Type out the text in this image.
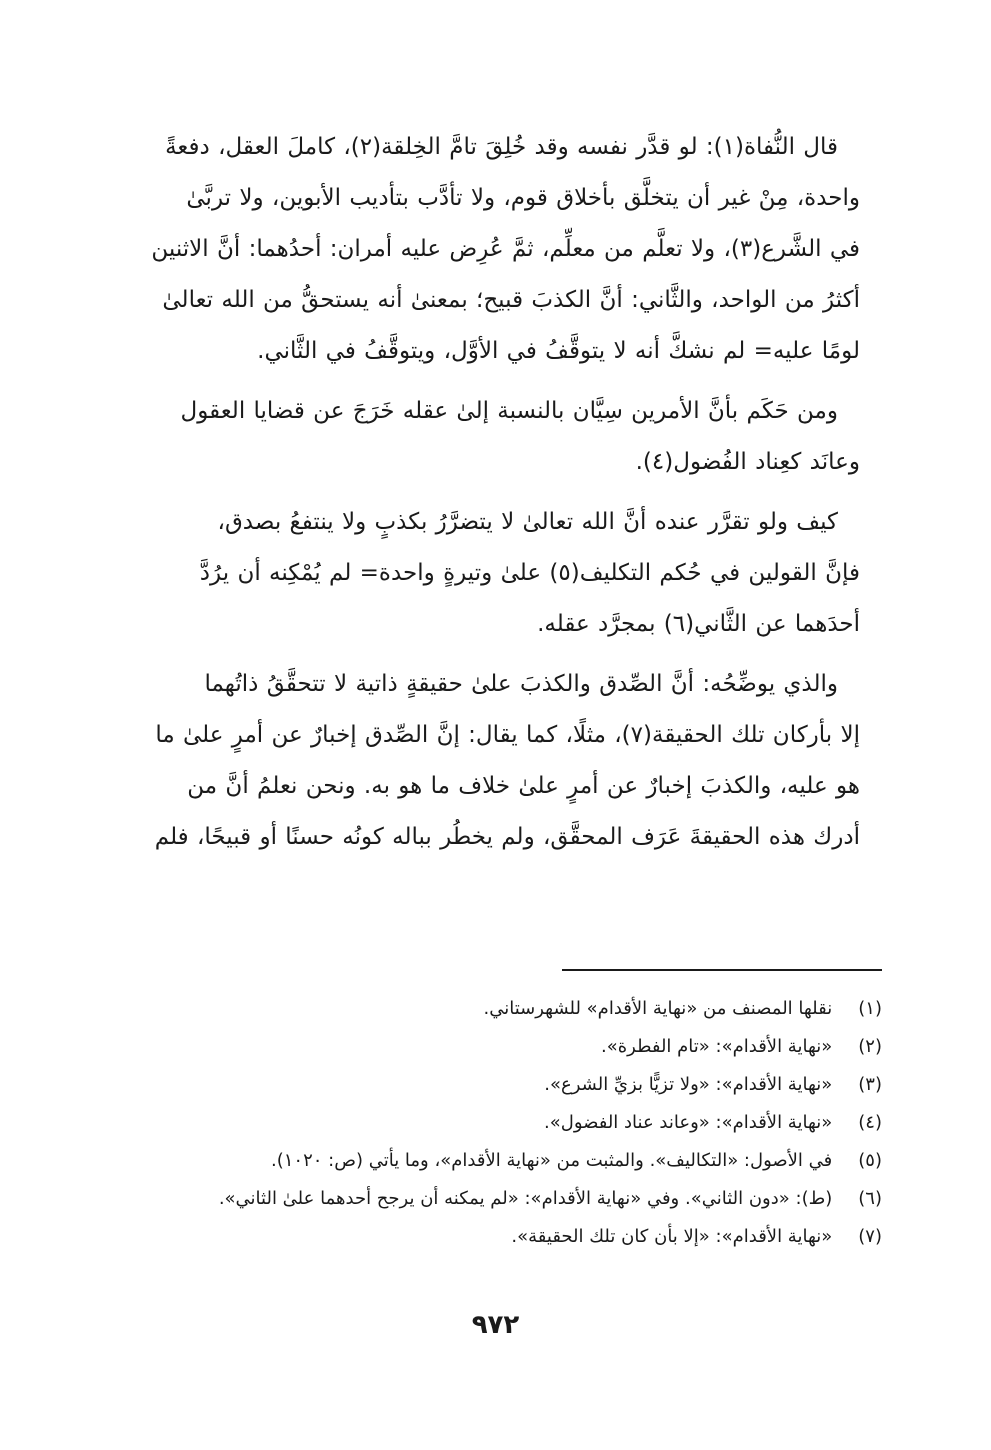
قال النُّفاة(١): لو قدَّر نفسه وقد خُلِقَ تامَّ الخِلقة(٢)، كاملَ العقل، دفعةً
واحدة، مِنْ غير أن يتخلَّق بأخلاق قوم، ولا تأدَّب بتأديب الأبوين، ولا تربَّىٰ
في الشَّرع(٣)، ولا تعلَّم من معلِّم، ثمَّ عُرِض عليه أمران: أحدُهما: أنَّ الاثنين
أكثرُ من الواحد، والثَّاني: أنَّ الكذبَ قبيح؛ بمعنىٰ أنه يستحقُّ من الله تعالىٰ
لومًا عليه= لم نشكَّ أنه لا يتوقَّفُ في الأوَّل، ويتوقَّفُ في الثَّاني.

ومن حَكَم بأنَّ الأمرين سِيَّان بالنسبة إلىٰ عقله خَرَجَ عن قضايا العقول
وعانَد كعِناد الفُضول(٤).

كيف ولو تقرَّر عنده أنَّ الله تعالىٰ لا يتضرَّرُ بكذبٍ ولا ينتفعُ بصدق،
فإنَّ القولين في حُكم التكليف(٥) علىٰ وتيرةٍ واحدة= لم يُمْكِنه أن يرُدَّ
أحدَهما عن الثَّاني(٦) بمجرَّد عقله.

والذي يوضِّحُه: أنَّ الصِّدق والكذبَ علىٰ حقيقةٍ ذاتية لا تتحقَّقُ ذاتُهما
إلا بأركان تلك الحقيقة(٧)، مثلًا، كما يقال: إنَّ الصِّدق إخبارٌ عن أمرٍ علىٰ ما
هو عليه، والكذبَ إخبارٌ عن أمرٍ علىٰ خلاف ما هو به. ونحن نعلمُ أنَّ من
أدرك هذه الحقيقةَ عَرَف المحقَّق، ولم يخطُر بباله كونُه حسنًا أو قبيحًا، فلم

(١) نقلها المصنف من «نهاية الأقدام» للشهرستاني.
(٢) «نهاية الأقدام»: «تام الفطرة».
(٣) «نهاية الأقدام»: «ولا تزيًّا بزيِّ الشرع».
(٤) «نهاية الأقدام»: «وعاند عناد الفضول».
(٥) في الأصول: «التكاليف». والمثبت من «نهاية الأقدام»، وما يأتي (ص: ١٠٢٠).
(٦) (ط): «دون الثاني». وفي «نهاية الأقدام»: «لم يمكنه أن يرجح أحدهما علىٰ الثاني».
(٧) «نهاية الأقدام»: «إلا بأن كان تلك الحقيقة».
٩٧٢
